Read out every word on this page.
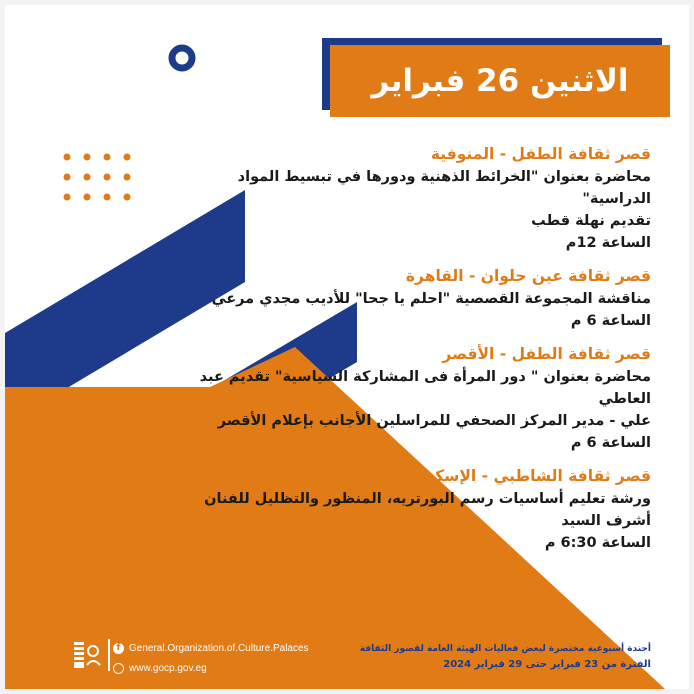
الاثنين 26 فبراير
قصر ثقافة الطفل - المنوفية
محاضرة بعنوان "الخرائط الذهنية ودورها في تبسيط المواد الدراسية"
تقديم نهلة قطب
الساعة 12م
قصر ثقافة عين حلوان - القاهرة
مناقشة المجموعة القصصية "احلم يا جحا" للأديب مجدي مرعي
الساعة 6 م
قصر ثقافة الطفل - الأقصر
محاضرة بعنوان " دور المرأة فى المشاركة السياسية" تقديم عبد العاطي
علي - مدير المركز الصحفي للمراسلين الأجانب بإعلام الأقصر
الساعة 6 م
قصر ثقافة الشاطبي - الإسكندرية
ورشة تعليم أساسيات رسم البورتريه، المنظور والتظليل للفنان
أشرف السيد
الساعة 6:30 م
f General.Organization.of.Culture.Palaces
www.gocp.gov.eg
أجندة أسبوعية مختصرة لبعض فعاليات الهيئة العامة لقصور الثقافة
الفترة من 23 فبراير حتى 29 فبراير 2024
